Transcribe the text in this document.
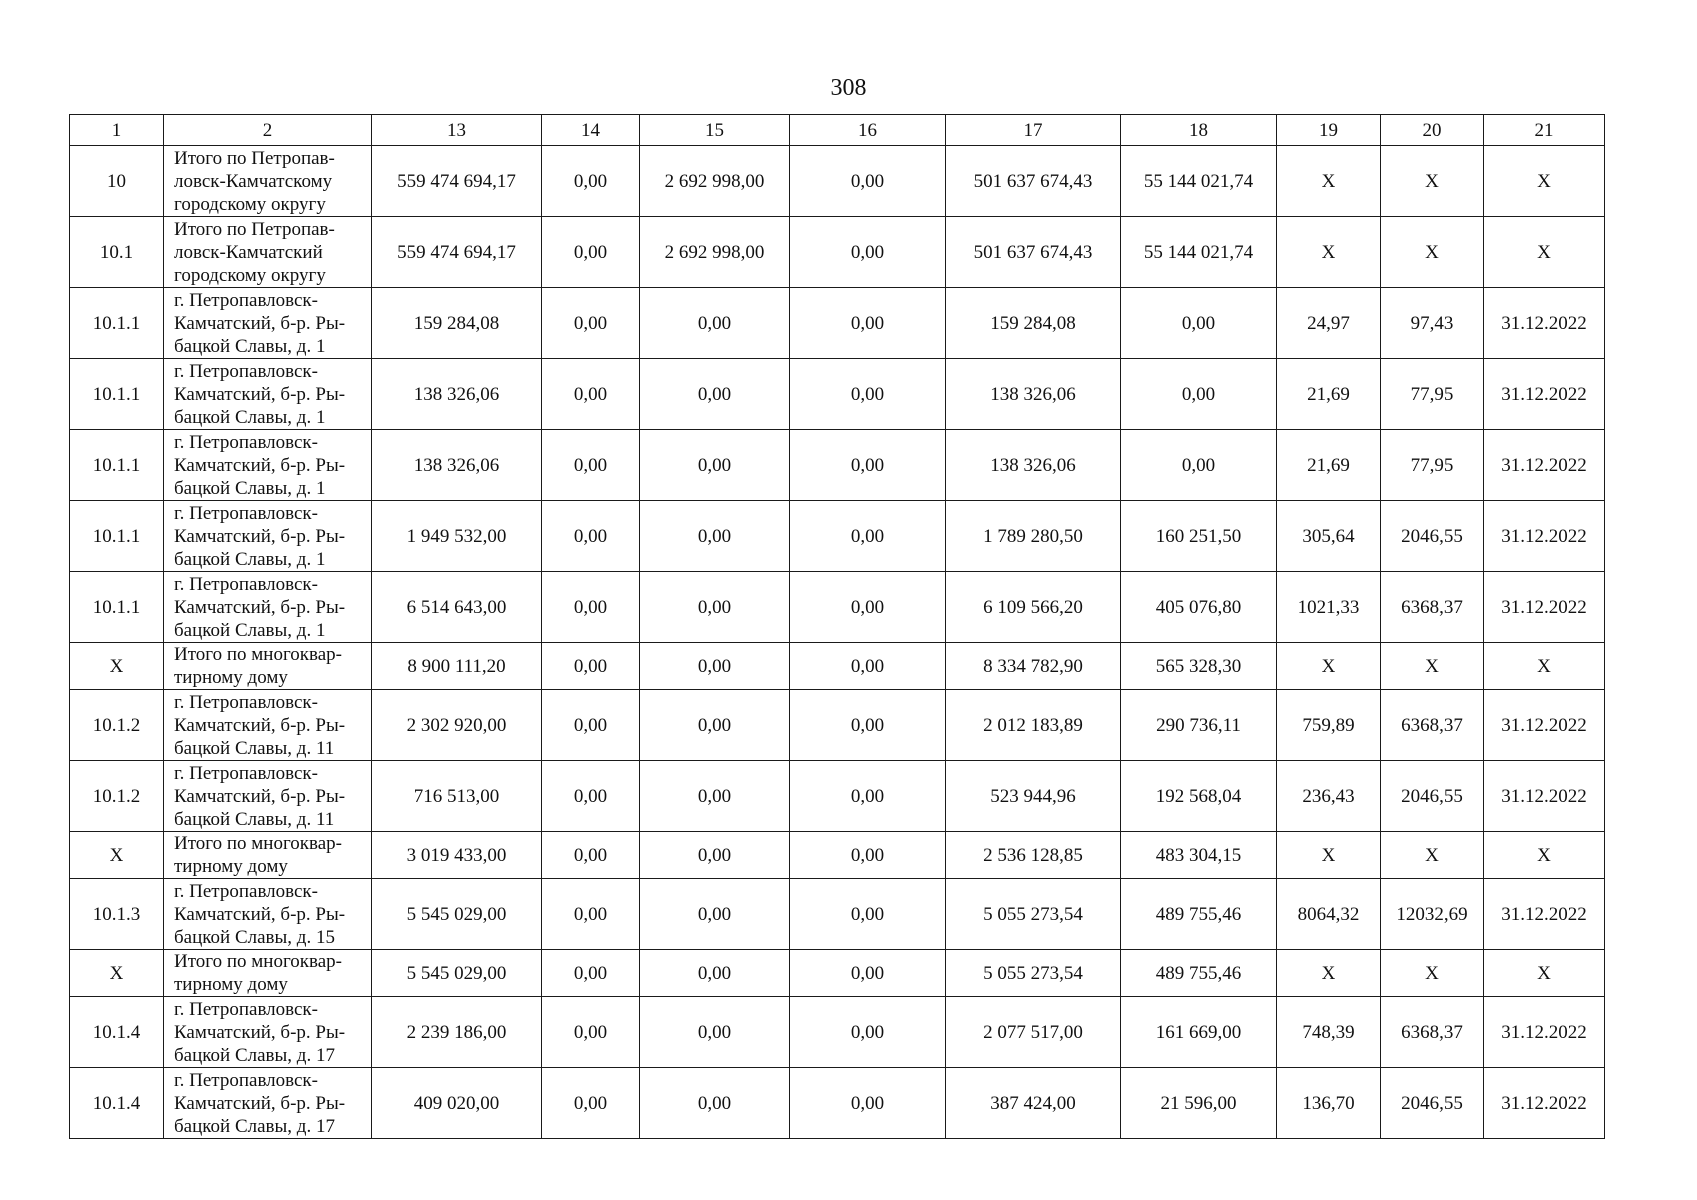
308
1	2	13	14	15	16	17	18	19	20	21
10	Итого по Петропав-
ловск-Камчатскому
городскому округу	559 474 694,17	0,00	2 692 998,00	0,00	501 637 674,43	55 144 021,74	Х	Х	Х
10.1	Итого по Петропав-
ловск-Камчатский
городскому округу	559 474 694,17	0,00	2 692 998,00	0,00	501 637 674,43	55 144 021,74	Х	Х	Х
10.1.1	г. Петропавловск-
Камчатский, б-р. Ры-
бацкой Славы, д. 1	159 284,08	0,00	0,00	0,00	159 284,08	0,00	24,97	97,43	31.12.2022
10.1.1	г. Петропавловск-
Камчатский, б-р. Ры-
бацкой Славы, д. 1	138 326,06	0,00	0,00	0,00	138 326,06	0,00	21,69	77,95	31.12.2022
10.1.1	г. Петропавловск-
Камчатский, б-р. Ры-
бацкой Славы, д. 1	138 326,06	0,00	0,00	0,00	138 326,06	0,00	21,69	77,95	31.12.2022
10.1.1	г. Петропавловск-
Камчатский, б-р. Ры-
бацкой Славы, д. 1	1 949 532,00	0,00	0,00	0,00	1 789 280,50	160 251,50	305,64	2046,55	31.12.2022
10.1.1	г. Петропавловск-
Камчатский, б-р. Ры-
бацкой Славы, д. 1	6 514 643,00	0,00	0,00	0,00	6 109 566,20	405 076,80	1021,33	6368,37	31.12.2022
Х	Итого по многоквар-
тирному дому	8 900 111,20	0,00	0,00	0,00	8 334 782,90	565 328,30	Х	Х	Х
10.1.2	г. Петропавловск-
Камчатский, б-р. Ры-
бацкой Славы, д. 11	2 302 920,00	0,00	0,00	0,00	2 012 183,89	290 736,11	759,89	6368,37	31.12.2022
10.1.2	г. Петропавловск-
Камчатский, б-р. Ры-
бацкой Славы, д. 11	716 513,00	0,00	0,00	0,00	523 944,96	192 568,04	236,43	2046,55	31.12.2022
Х	Итого по многоквар-
тирному дому	3 019 433,00	0,00	0,00	0,00	2 536 128,85	483 304,15	Х	Х	Х
10.1.3	г. Петропавловск-
Камчатский, б-р. Ры-
бацкой Славы, д. 15	5 545 029,00	0,00	0,00	0,00	5 055 273,54	489 755,46	8064,32	12032,69	31.12.2022
Х	Итого по многоквар-
тирному дому	5 545 029,00	0,00	0,00	0,00	5 055 273,54	489 755,46	Х	Х	Х
10.1.4	г. Петропавловск-
Камчатский, б-р. Ры-
бацкой Славы, д. 17	2 239 186,00	0,00	0,00	0,00	2 077 517,00	161 669,00	748,39	6368,37	31.12.2022
10.1.4	г. Петропавловск-
Камчатский, б-р. Ры-
бацкой Славы, д. 17	409 020,00	0,00	0,00	0,00	387 424,00	21 596,00	136,70	2046,55	31.12.2022
